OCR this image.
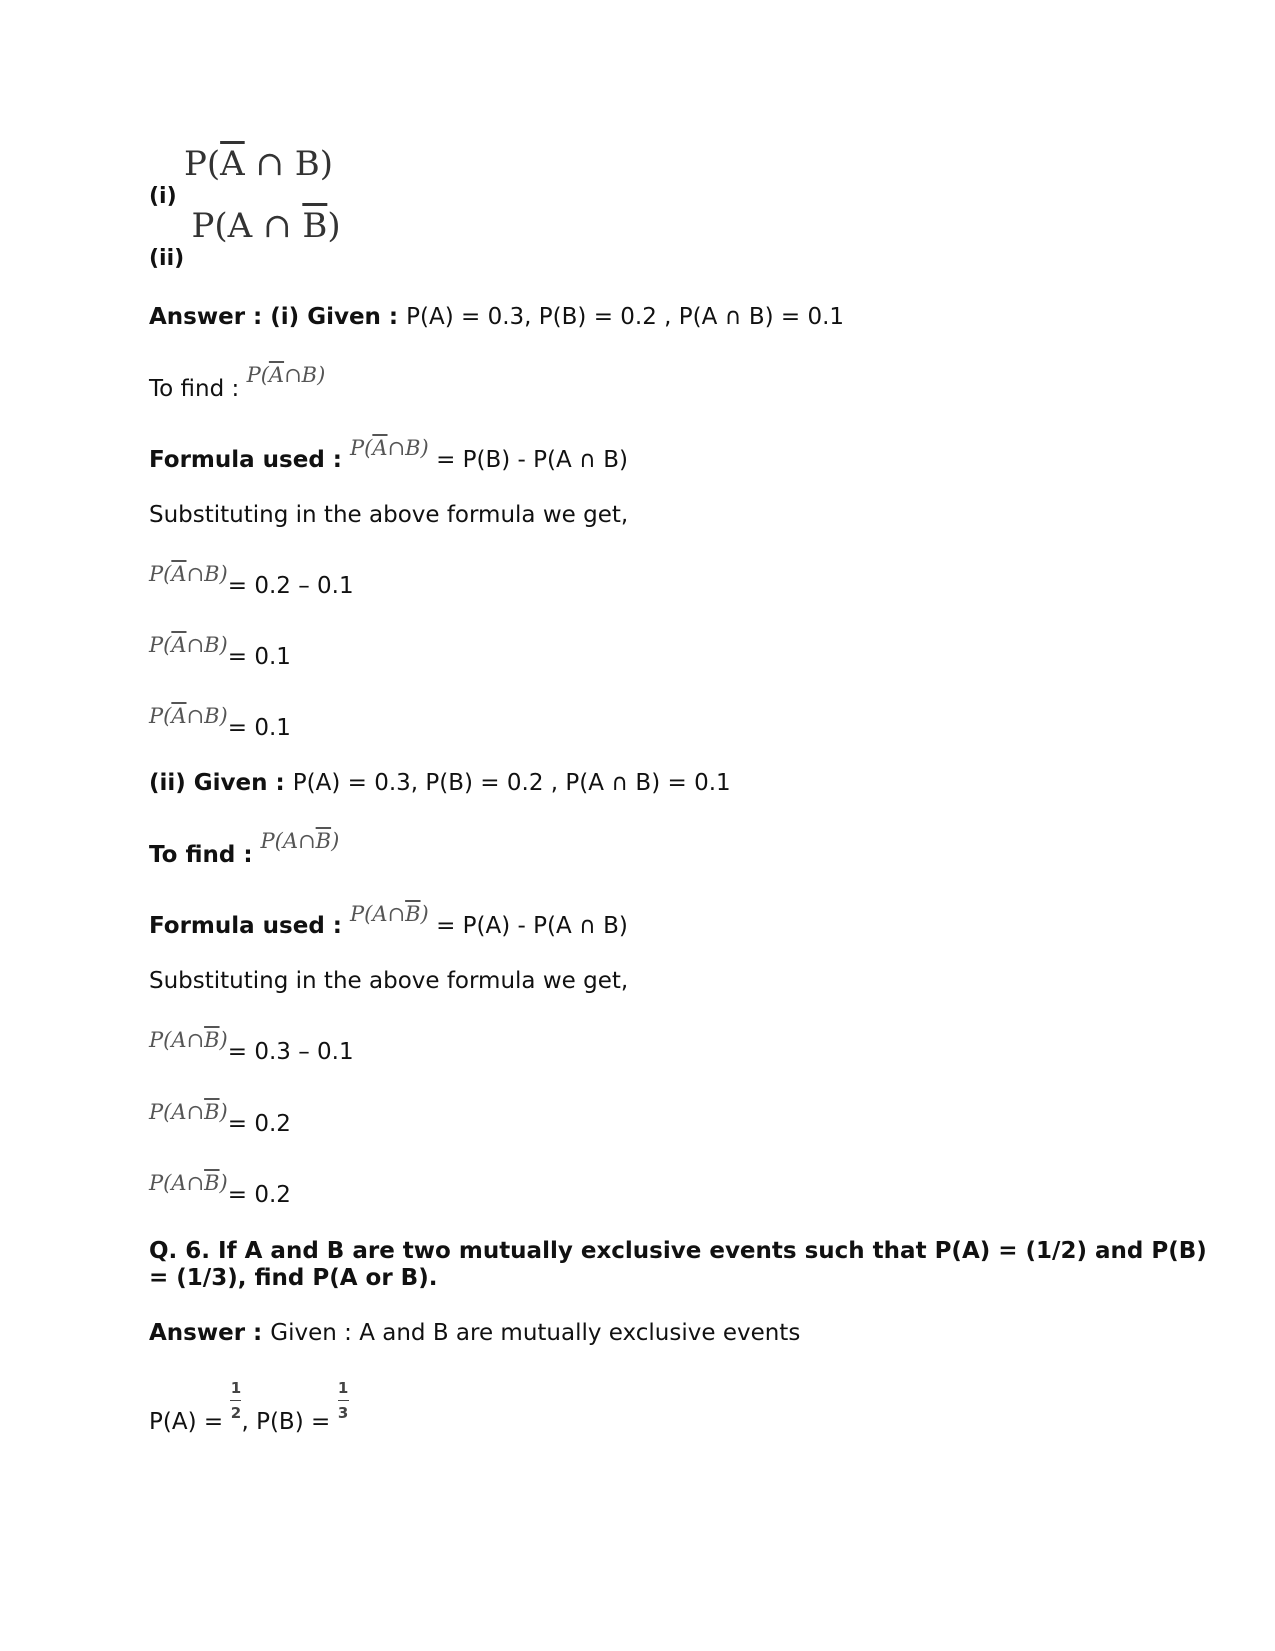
(i) $P(\overline{A}$ ∩ B)
(ii) P(A ∩ $\overline{B}$)
Answer : (i) Given : P(A) = 0.3, P(B) = 0.2 , P(A ∩ B) = 0.1
To find : $P(\overline{A}\cap B)$
Formula used : $P(\overline{A}\cap B) = P(B) - P(A$ ∩ B)
Substituting in the above formula we get,
$P(\overline{A}\cap B)= 0.2 - 0.1$
$P(\overline{A}\cap B)= 0.1$
$P(\overline{A}\cap B)= 0.1$
(ii) Given : P(A) = 0.3, P(B) = 0.2 , P(A ∩ B) = 0.1
To find : $P(A\cap\overline{B})$
Formula used : $P(A\cap\overline{B}) = P(A) - P(A$ ∩ B)
Substituting in the above formula we get,
$P(A\cap\overline{B})= 0.3 - 0.1$
$P(A\cap\overline{B})= 0.2$
$P(A\cap\overline{B})= 0.2$
Q. 6. If A and B are two mutually exclusive events such that P(A) = (1/2) and P(B)
= (1/3), find P(A or B).
Answer : Given : A and B are mutually exclusive events
$P(A) = \frac{1}{2}$ , $P(B) = \frac{1}{3}$
